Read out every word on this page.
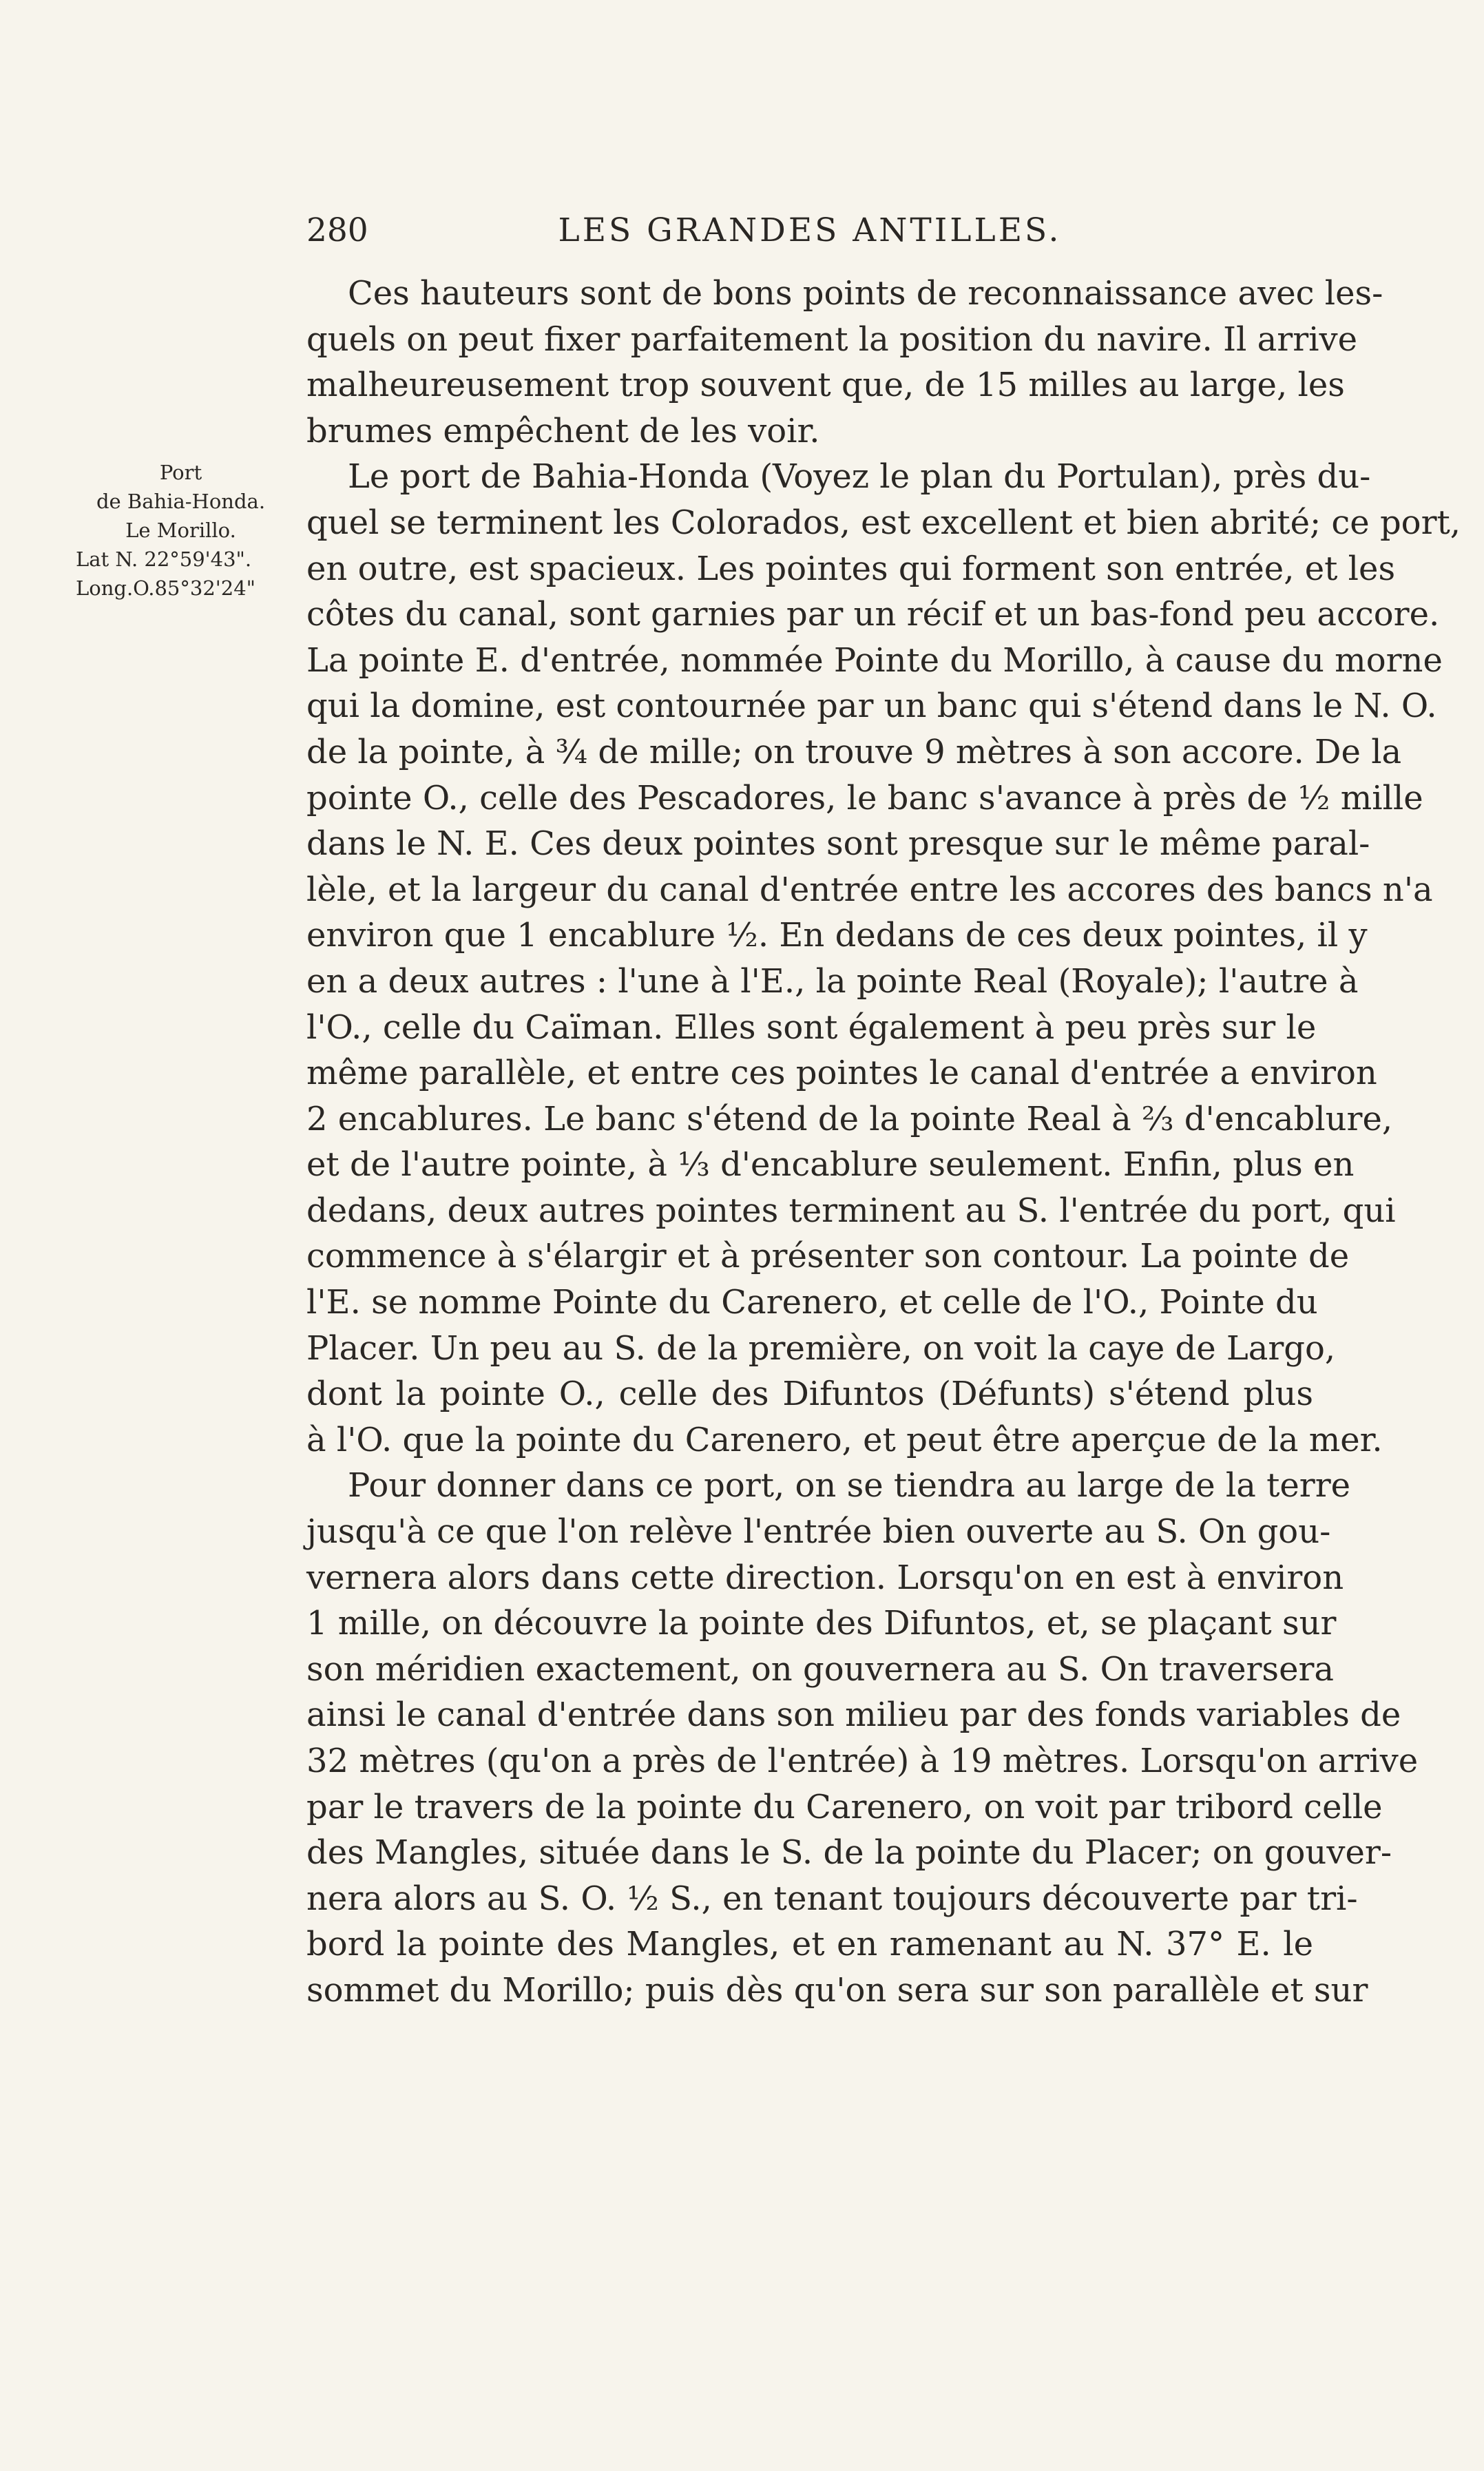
280	LES GRANDES ANTILLES.
Port
de Bahia-Honda.
Le Morillo.
Lat N. 22°59'43".
Long.O.85°32'24"
Ces hauteurs sont de bons points de reconnaissance avec les-
quels on peut fixer parfaitement la position du navire. Il arrive
malheureusement trop souvent que, de 15 milles au large, les
brumes empêchent de les voir.
Le port de Bahia-Honda (Voyez le plan du Portulan), près du-
quel se terminent les Colorados, est excellent et bien abrité; ce port,
en outre, est spacieux. Les pointes qui forment son entrée, et les
côtes du canal, sont garnies par un récif et un bas-fond peu accore.
La pointe E. d'entrée, nommée Pointe du Morillo, à cause du morne
qui la domine, est contournée par un banc qui s'étend dans le N. O.
de la pointe, à ¾ de mille; on trouve 9 mètres à son accore. De la
pointe O., celle des Pescadores, le banc s'avance à près de ½ mille
dans le N. E. Ces deux pointes sont presque sur le même paral-
lèle, et la largeur du canal d'entrée entre les accores des bancs n'a
environ que 1 encablure ½. En dedans de ces deux pointes, il y
en a deux autres : l'une à l'E., la pointe Real (Royale); l'autre à
l'O., celle du Caïman. Elles sont également à peu près sur le
même parallèle, et entre ces pointes le canal d'entrée a environ
2 encablures. Le banc s'étend de la pointe Real à ⅔ d'encablure,
et de l'autre pointe, à ⅓ d'encablure seulement. Enfin, plus en
dedans, deux autres pointes terminent au S. l'entrée du port, qui
commence à s'élargir et à présenter son contour. La pointe de
l'E. se nomme Pointe du Carenero, et celle de l'O., Pointe du
Placer. Un peu au S. de la première, on voit la caye de Largo,
dont la pointe O., celle des Difuntos (Défunts) s'étend plus
à l'O. que la pointe du Carenero, et peut être aperçue de la mer.
Pour donner dans ce port, on se tiendra au large de la terre
jusqu'à ce que l'on relève l'entrée bien ouverte au S. On gou-
vernera alors dans cette direction. Lorsqu'on en est à environ
1 mille, on découvre la pointe des Difuntos, et, se plaçant sur
son méridien exactement, on gouvernera au S. On traversera
ainsi le canal d'entrée dans son milieu par des fonds variables de
32 mètres (qu'on a près de l'entrée) à 19 mètres. Lorsqu'on arrive
par le travers de la pointe du Carenero, on voit par tribord celle
des Mangles, située dans le S. de la pointe du Placer; on gouver-
nera alors au S. O. ½ S., en tenant toujours découverte par tri-
bord la pointe des Mangles, et en ramenant au N. 37° E. le
sommet du Morillo; puis dès qu'on sera sur son parallèle et sur
